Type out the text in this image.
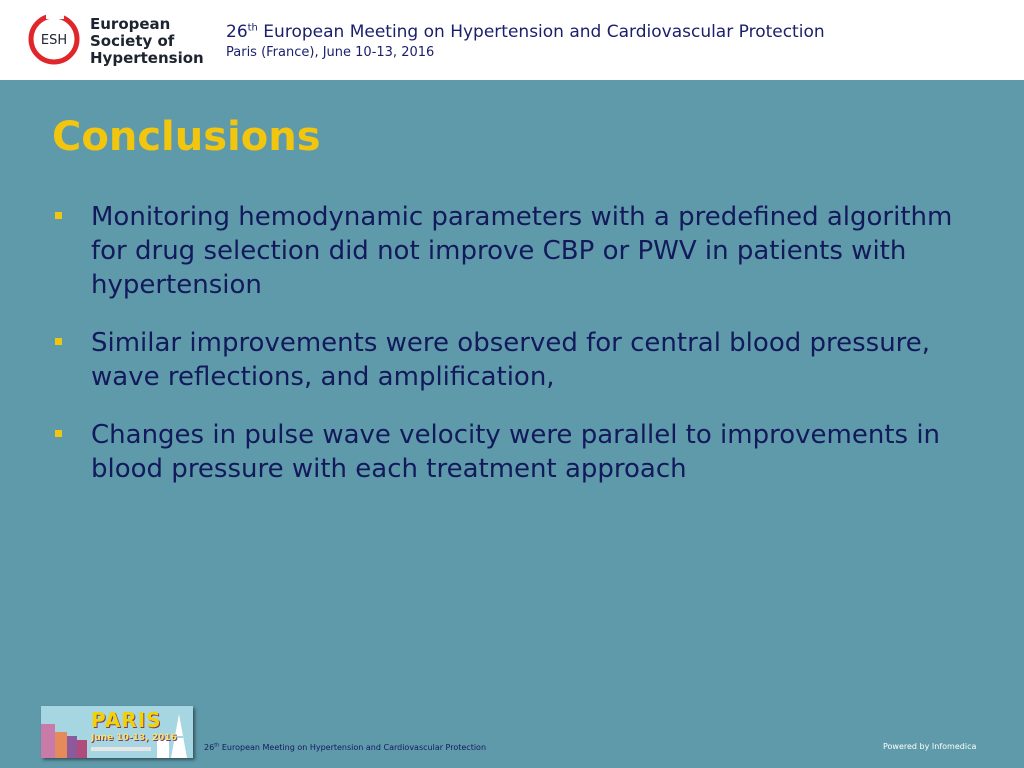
ESH
European
Society of
Hypertension
26th European Meeting on Hypertension and Cardiovascular Protection
Paris (France), June 10-13, 2016
Conclusions
Monitoring hemodynamic parameters with a predefined algorithm for drug selection did not improve CBP or PWV in patients with hypertension
Similar improvements were observed for central blood pressure, wave reflections, and amplification,
Changes in pulse wave velocity were parallel to improvements in blood pressure with each treatment approach
PARIS
June 10-13, 2016
26th European Meeting on Hypertension and Cardiovascular Protection	Powered by Infomedica
